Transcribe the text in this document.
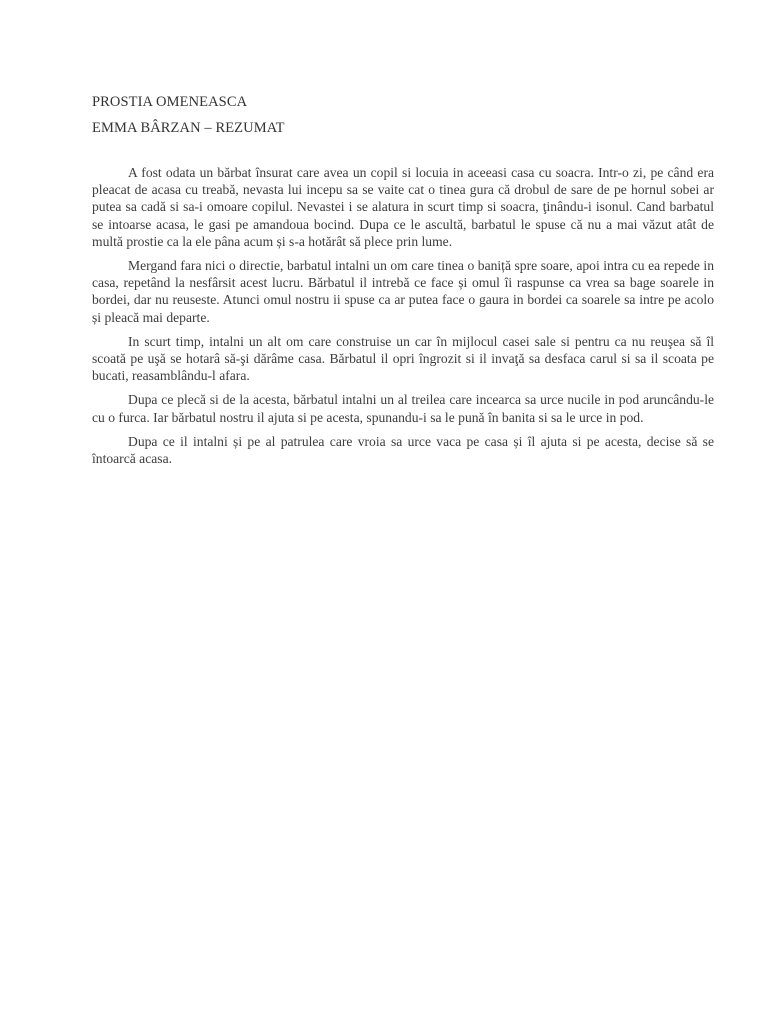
PROSTIA OMENEASCA
EMMA BÂRZAN – REZUMAT

A fost odata un bărbat însurat care avea un copil si locuia in aceeasi casa cu soacra. Intr-o zi, pe când era pleacat de acasa cu treabă, nevasta lui incepu sa se vaite cat o tinea gura că drobul de sare de pe hornul sobei ar putea sa cadă si sa-i omoare copilul. Nevastei i se alatura in scurt timp si soacra, ţinându-i isonul. Cand barbatul se intoarse acasa, le gasi pe amandoua bocind. Dupa ce le ascultă, barbatul le spuse că nu a mai văzut atât de multă prostie ca la ele pâna acum și s-a hotărât să plece prin lume.

Mergand fara nici o directie, barbatul intalni un om care tinea o baniță spre soare, apoi intra cu ea repede in casa, repetând la nesfârsit acest lucru. Bărbatul il intrebă ce face și omul îi raspunse ca vrea sa bage soarele in bordei, dar nu reuseste. Atunci omul nostru ii spuse ca ar putea face o gaura in bordei ca soarele sa intre pe acolo și pleacă mai departe.

In scurt timp, intalni un alt om care construise un car în mijlocul casei sale si pentru ca nu reuşea să îl scoată pe uşă se hotarâ să-şi dărâme casa. Bărbatul il opri îngrozit si il invaţă sa desfaca carul si sa il scoata pe bucati, reasamblându-l afara.

Dupa ce plecă si de la acesta, bărbatul intalni un al treilea care incearca sa urce nucile in pod aruncându-le cu o furca. Iar bărbatul nostru il ajuta si pe acesta, spunandu-i sa le pună în banita si sa le urce in pod.

Dupa ce il intalni și pe al patrulea care vroia sa urce vaca pe casa și îl ajuta si pe acesta, decise să se întoarcă acasa.
